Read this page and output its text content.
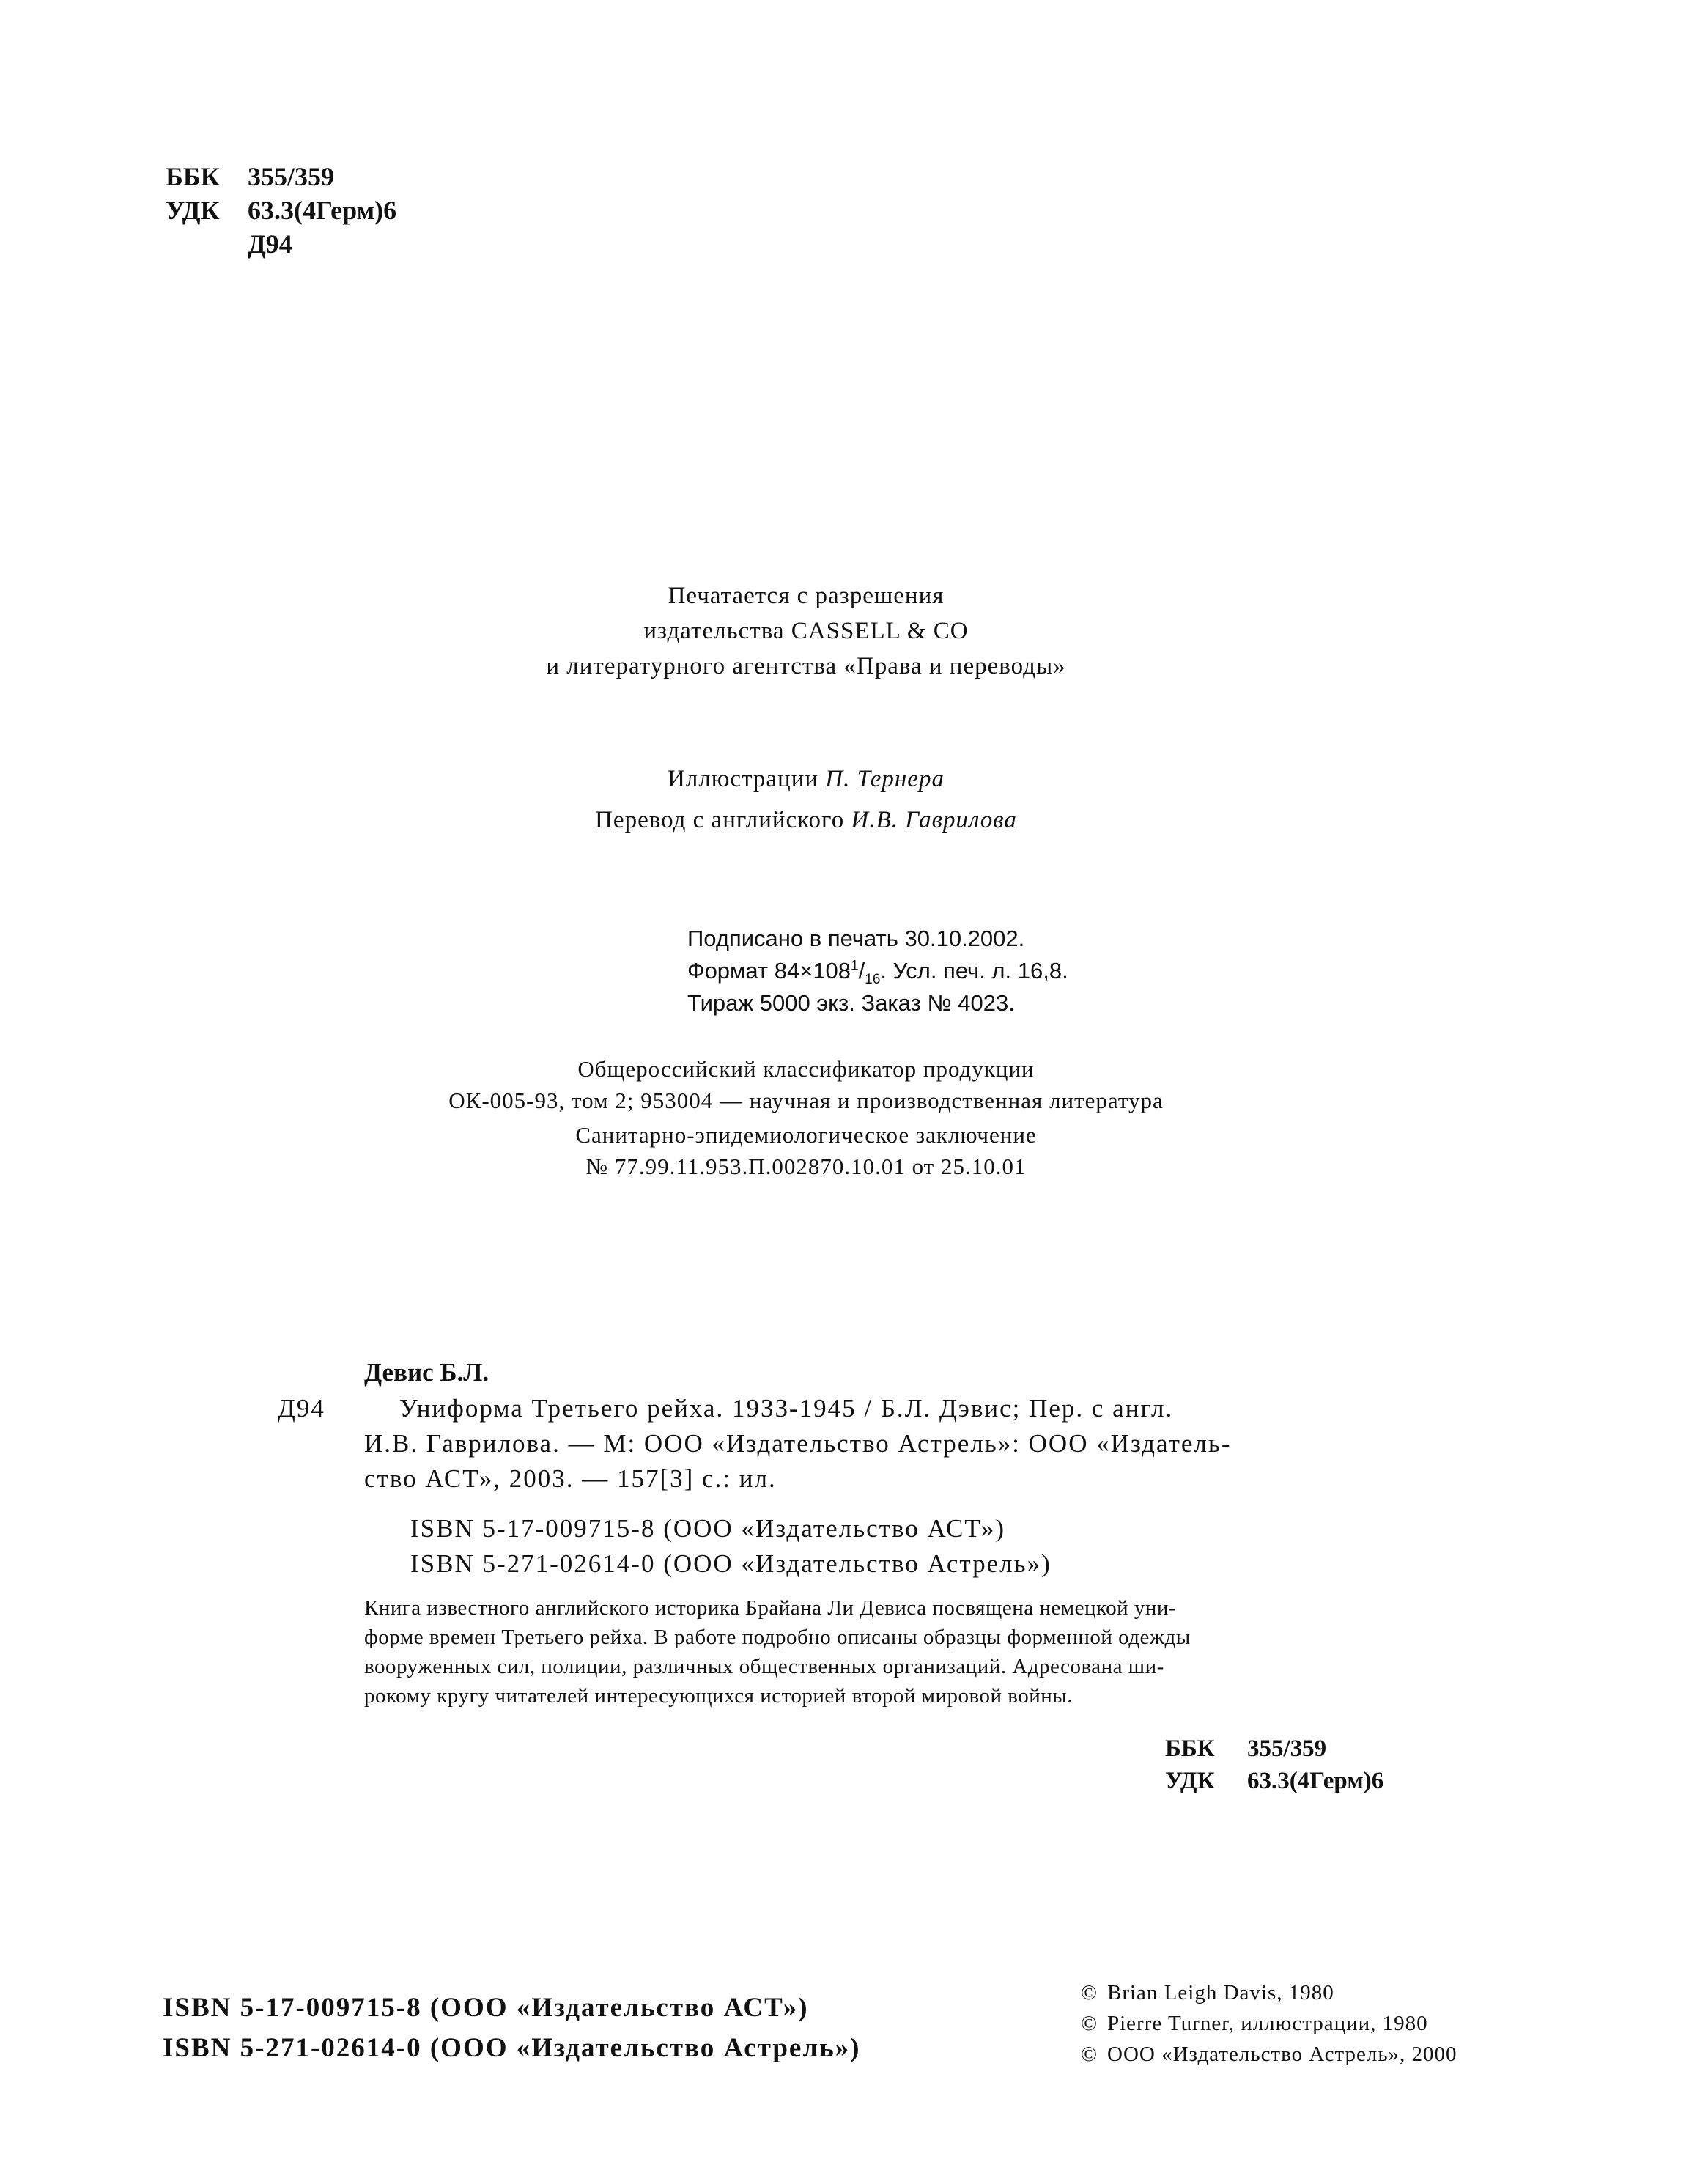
ББК 355/359
УДК 63.3(4Герм)6
Д94
Печатается с разрешения
издательства CASSELL & CO
и литературного агентства «Права и переводы»
Иллюстрации П. Тернера
Перевод с английского И.В. Гаврилова
Подписано в печать 30.10.2002.
Формат $84\times 108^1/_{16}$. Усл. печ. л. 16,8.
Тираж 5000 экз. Заказ № 4023.
Общероссийский классификатор продукции
ОК-005-93, том 2; 953004 — научная и производственная литература
Санитарно-эпидемиологическое заключение
№ 77.99.11.953.П.002870.10.01 от 25.10.01
Девис Б.Л.
Д94	Униформа Третьего рейха. 1933-1945 / Б.Л. Дэвис; Пер. с англ.
И.В. Гаврилова. — М: ООО «Издательство Астрель»: ООО «Издатель-
ство АСТ», 2003. — 157[3] с.: ил.
ISBN 5-17-009715-8 (ООО «Издательство АСТ»)
ISBN 5-271-02614-0 (ООО «Издательство Астрель»)
Книга известного английского историка Брайана Ли Девиса посвящена немецкой уни-
форме времен Третьего рейха. В работе подробно описаны образцы форменной одежды
вооруженных сил, полиции, различных общественных организаций. Адресована ши-
рокому кругу читателей интересующихся историей второй мировой войны.
ББК 355/359
УДК 63.3(4Герм)6
ISBN 5-17-009715-8 (ООО «Издательство АСТ»)
ISBN 5-271-02614-0 (ООО «Издательство Астрель»)
© Brian Leigh Davis, 1980
© Pierre Turner, иллюстрации, 1980
© ООО «Издательство Астрель», 2000
